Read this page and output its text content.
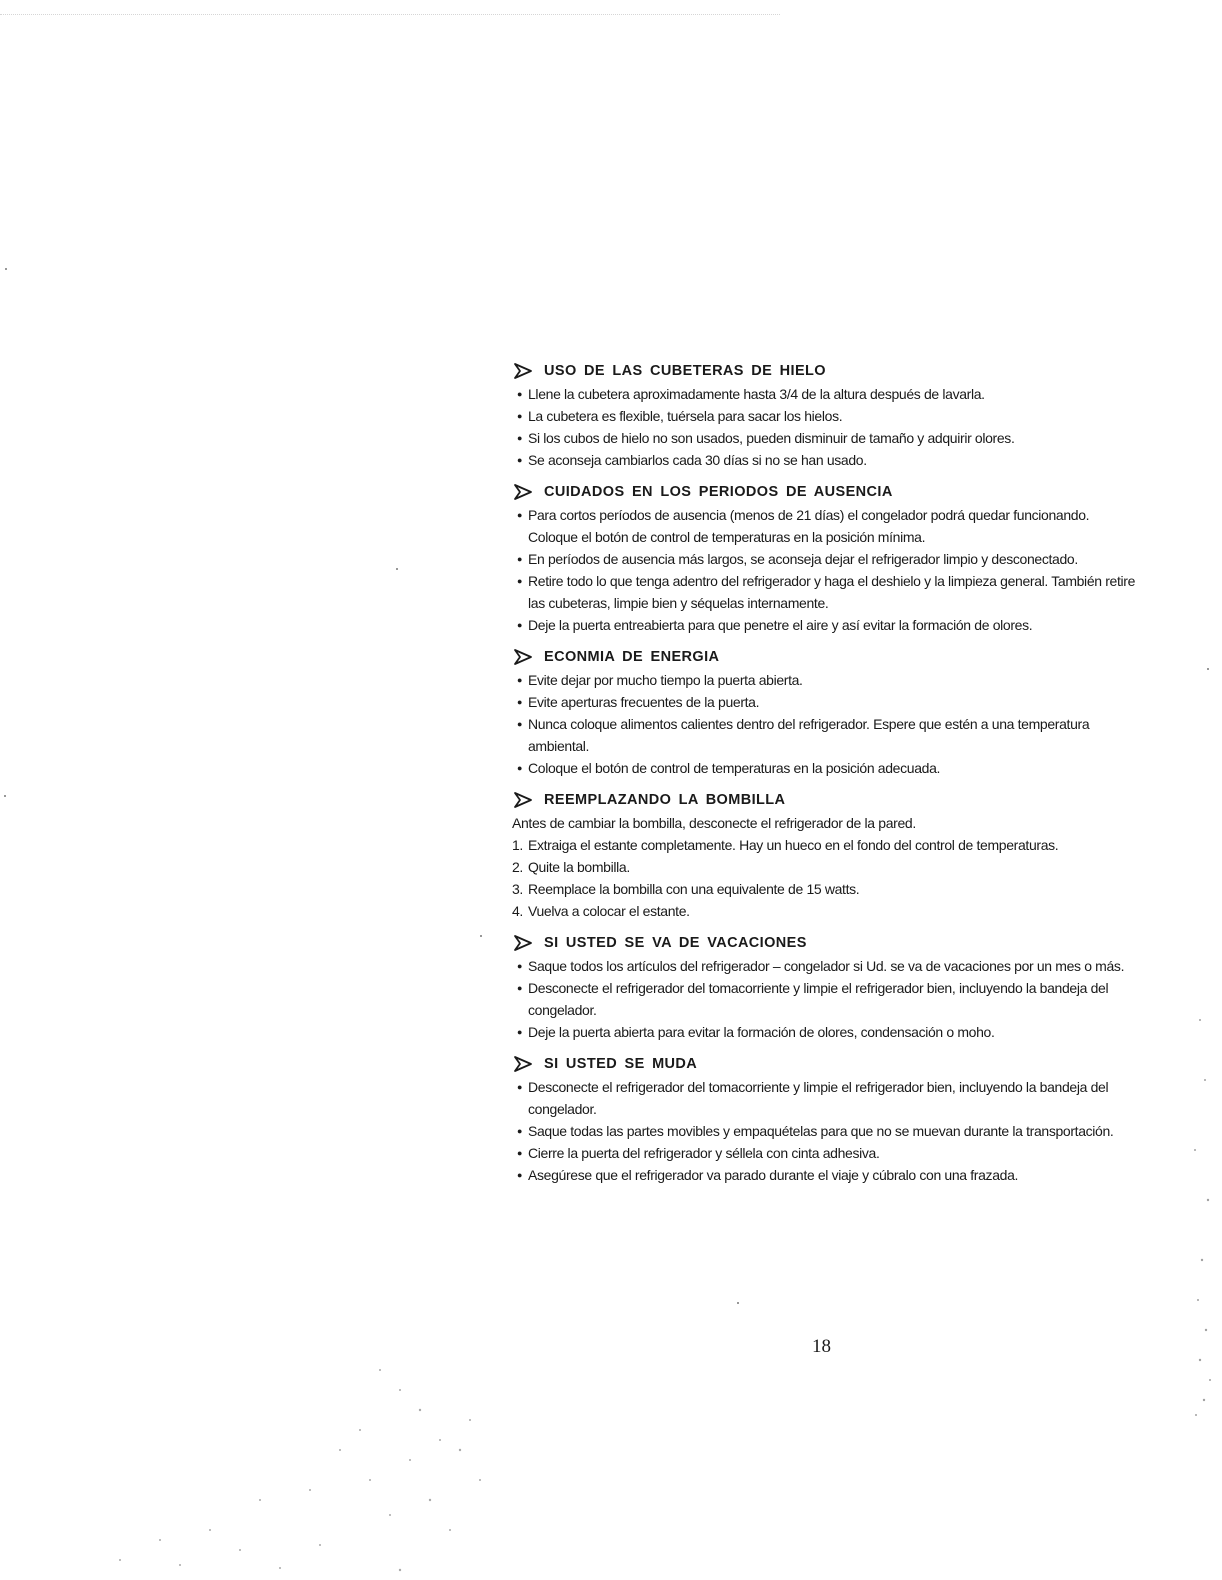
USO DE LAS CUBETERAS DE HIELO
● Llene la cubetera aproximadamente hasta 3/4 de la altura después de lavarla.
● La cubetera es flexible, tuérsela para sacar los hielos.
● Si los cubos de hielo no son usados, pueden disminuir de tamaño y adquirir olores.
● Se aconseja cambiarlos cada 30 días si no se han usado.
CUIDADOS EN LOS PERIODOS DE AUSENCIA
● Para cortos períodos de ausencia (menos de 21 días) el congelador podrá quedar funcionando. Coloque el botón de control de temperaturas en la posición mínima.
● En períodos de ausencia más largos, se aconseja dejar el refrigerador limpio y desconectado.
● Retire todo lo que tenga adentro del refrigerador y haga el deshielo y la limpieza general. También retire las cubeteras, limpie bien y séquelas internamente.
● Deje la puerta entreabierta para que penetre el aire y así evitar la formación de olores.
ECONMIA DE ENERGIA
● Evite dejar por mucho tiempo la puerta abierta.
● Evite aperturas frecuentes de la puerta.
● Nunca coloque alimentos calientes dentro del refrigerador. Espere que estén a una temperatura ambiental.
● Coloque el botón de control de temperaturas en la posición adecuada.
REEMPLAZANDO LA BOMBILLA
Antes de cambiar la bombilla, desconecte el refrigerador de la pared.
1. Extraiga el estante completamente. Hay un hueco en el fondo del control de temperaturas.
2. Quite la bombilla.
3. Reemplace la bombilla con una equivalente de 15 watts.
4. Vuelva a colocar el estante.
SI USTED SE VA DE VACACIONES
● Saque todos los artículos del refrigerador – congelador si Ud. se va de vacaciones por un mes o más.
● Desconecte el refrigerador del tomacorriente y limpie el refrigerador bien, incluyendo la bandeja del congelador.
● Deje la puerta abierta para evitar la formación de olores, condensación o moho.
SI USTED SE MUDA
● Desconecte el refrigerador del tomacorriente y limpie el refrigerador bien, incluyendo la bandeja del congelador.
● Saque todas las partes movibles y empaquételas para que no se muevan durante la transportación.
● Cierre la puerta del refrigerador y séllela con cinta adhesiva.
● Asegúrese que el refrigerador va parado durante el viaje y cúbralo con una frazada.
18
